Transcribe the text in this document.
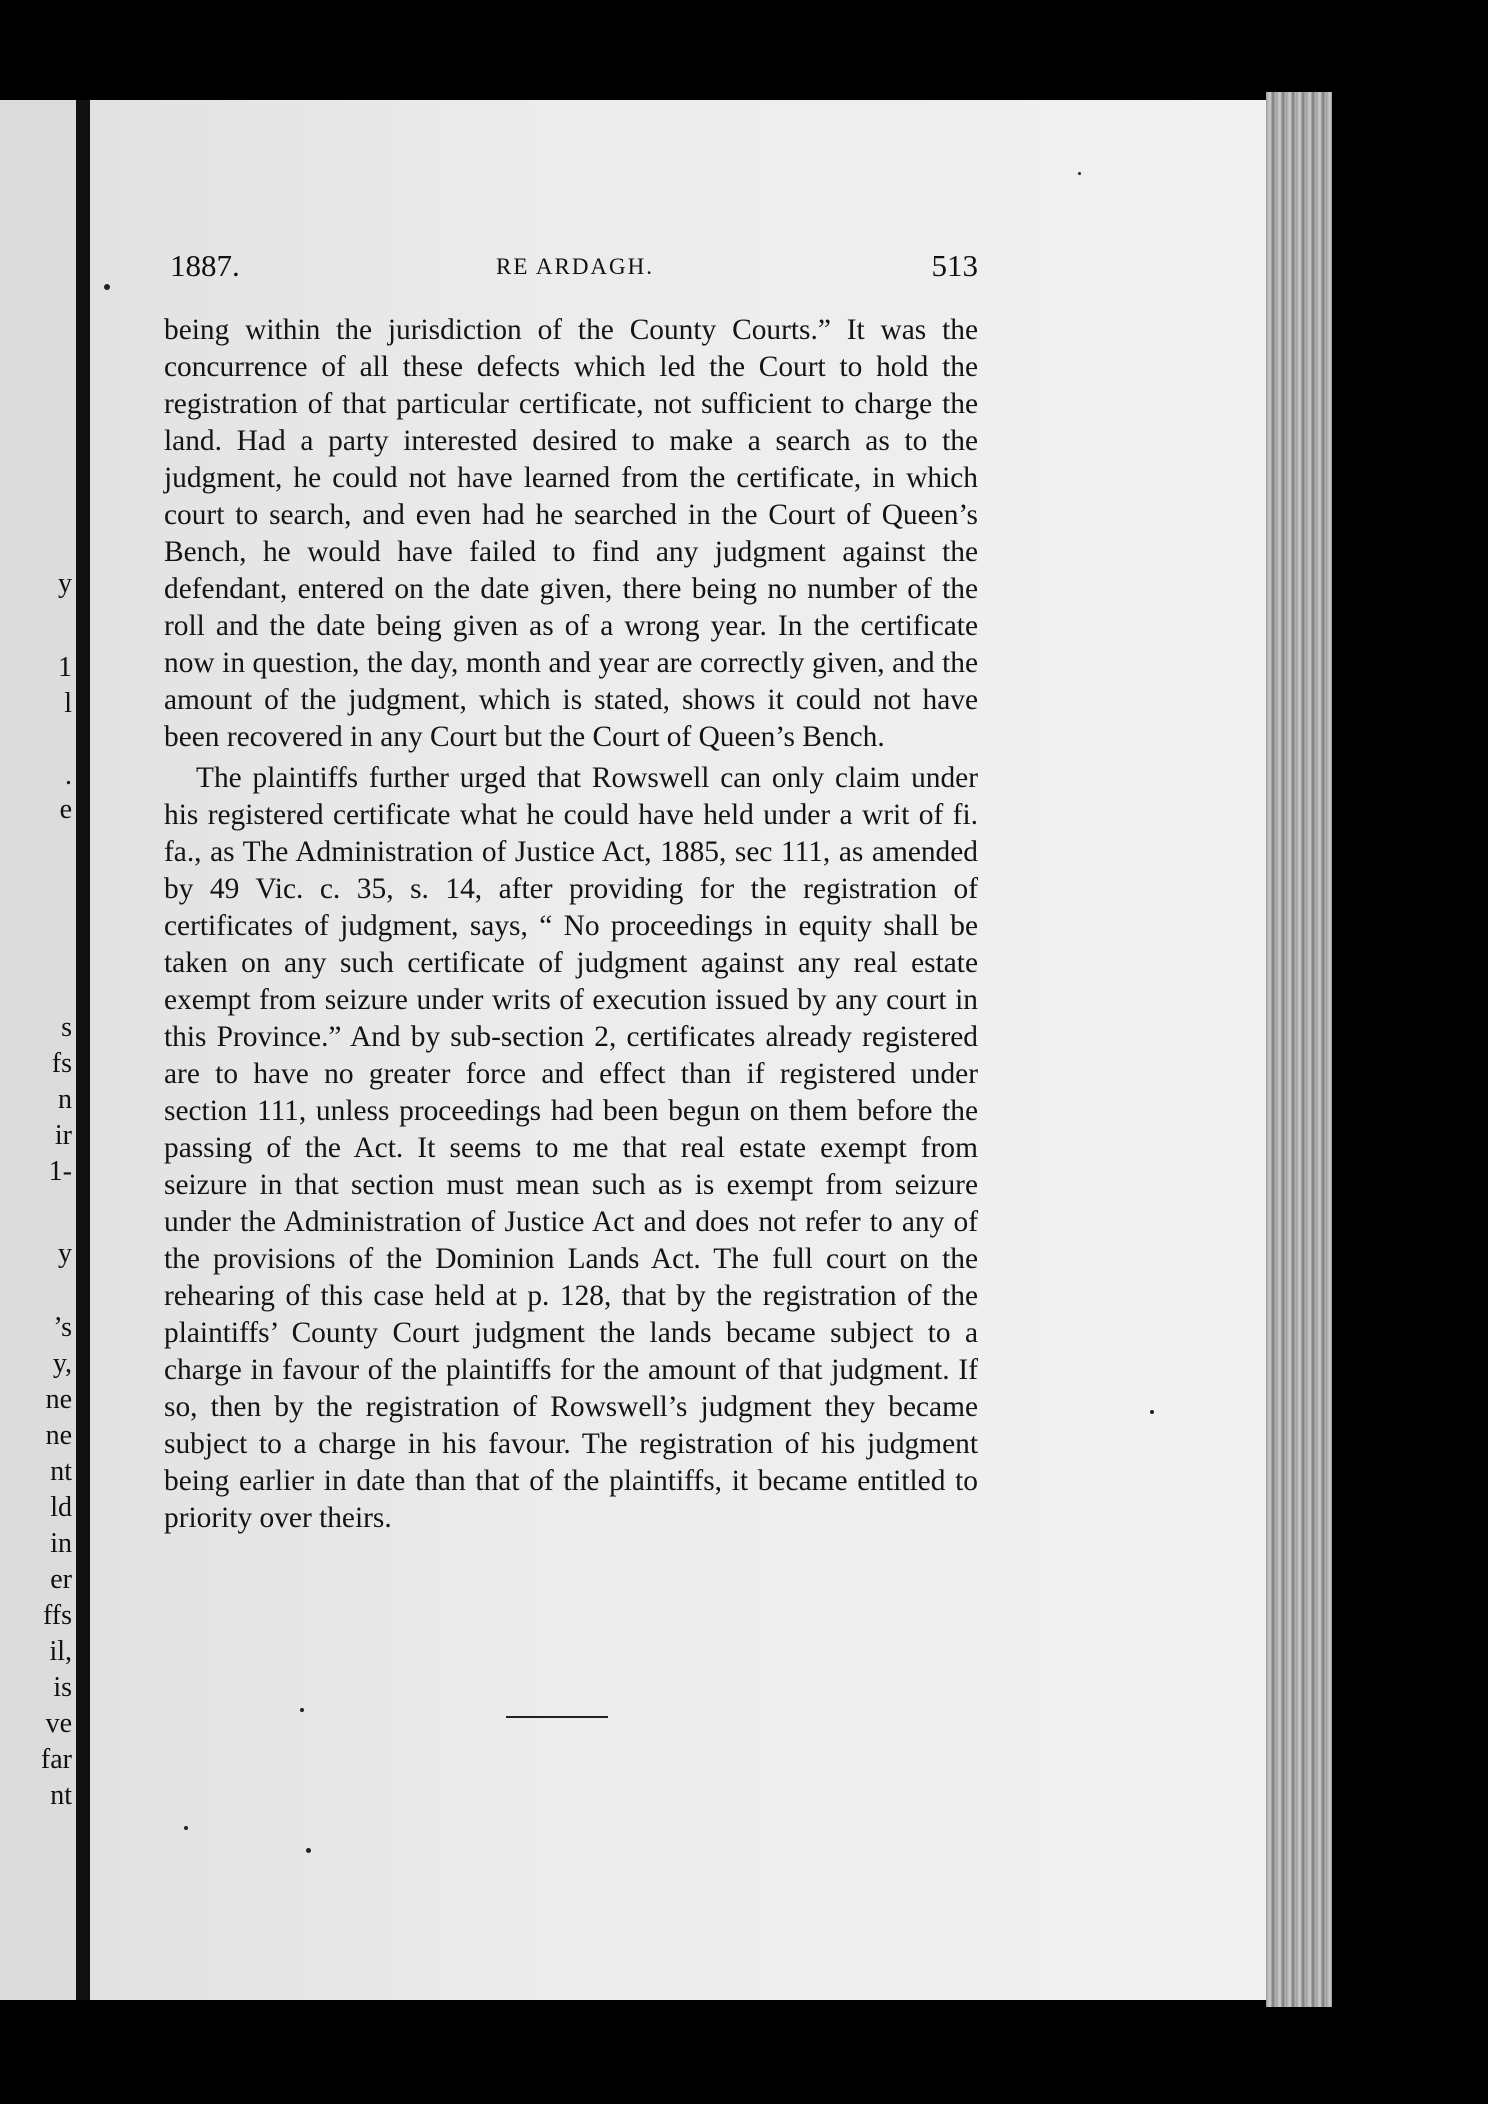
y
1
l
.
e
s
fs
n
ir
1-
y
’s
y,
ne
ne
nt
ld
in
er
ffs
il,
is
ve
far
nt
1887.	RE ARDAGH.	513

being within the jurisdiction of the County Courts.” It was the concurrence of all these defects which led the Court to hold the registration of that particular certificate, not sufficient to charge the land. Had a party interested desired to make a search as to the judgment, he could not have learned from the certificate, in which court to search, and even had he searched in the Court of Queen’s Bench, he would have failed to find any judgment against the defendant, entered on the date given, there being no number of the roll and the date being given as of a wrong year. In the certificate now in question, the day, month and year are correctly given, and the amount of the judgment, which is stated, shows it could not have been recovered in any Court but the Court of Queen’s Bench.

The plaintiffs further urged that Rowswell can only claim under his registered certificate what he could have held under a writ of fi. fa., as The Administration of Justice Act, 1885, sec 111, as amended by 49 Vic. c. 35, s. 14, after providing for the registration of certificates of judgment, says, “ No proceedings in equity shall be taken on any such certificate of judgment against any real estate exempt from seizure under writs of execution issued by any court in this Province.” And by sub-section 2, certificates already registered are to have no greater force and effect than if registered under section 111, unless proceedings had been begun on them before the passing of the Act. It seems to me that real estate exempt from seizure in that section must mean such as is exempt from seizure under the Administration of Justice Act and does not refer to any of the provisions of the Dominion Lands Act. The full court on the rehearing of this case held at p. 128, that by the registration of the plaintiffs’ County Court judgment the lands became subject to a charge in favour of the plaintiffs for the amount of that judgment. If so, then by the registration of Rowswell’s judgment they became subject to a charge in his favour. The registration of his judgment being earlier in date than that of the plaintiffs, it became entitled to priority over theirs.
